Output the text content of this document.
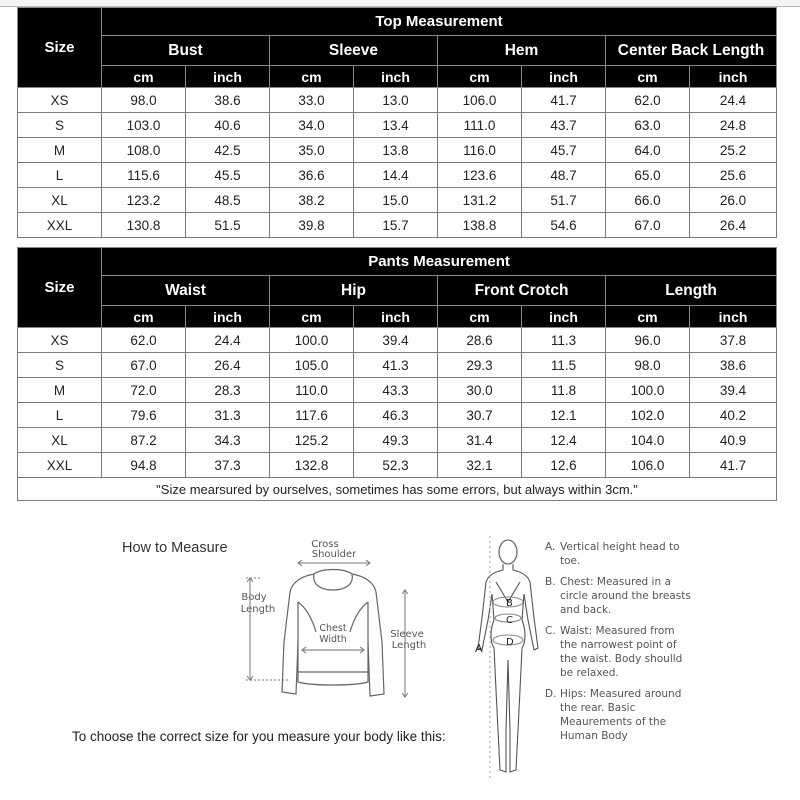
Size	Top Measurement							
	Bust		Sleeve		Hem		Center Back Length	
	cm	inch	cm	inch	cm	inch	cm	inch
XS	98.0	38.6	33.0	13.0	106.0	41.7	62.0	24.4
S	103.0	40.6	34.0	13.4	111.0	43.7	63.0	24.8
M	108.0	42.5	35.0	13.8	116.0	45.7	64.0	25.2
L	115.6	45.5	36.6	14.4	123.6	48.7	65.0	25.6
XL	123.2	48.5	38.2	15.0	131.2	51.7	66.0	26.0
XXL	130.8	51.5	39.8	15.7	138.8	54.6	67.0	26.4
Size	Pants Measurement							
	Waist		Hip		Front Crotch		Length	
	cm	inch	cm	inch	cm	inch	cm	inch
XS	62.0	24.4	100.0	39.4	28.6	11.3	96.0	37.8
S	67.0	26.4	105.0	41.3	29.3	11.5	98.0	38.6
M	72.0	28.3	110.0	43.3	30.0	11.8	100.0	39.4
L	79.6	31.3	117.6	46.3	30.7	12.1	102.0	40.2
XL	87.2	34.3	125.2	49.3	31.4	12.4	104.0	40.9
XXL	94.8	37.3	132.8	52.3	32.1	12.6	106.0	41.7
"Size mearsured by ourselves, sometimes has some errors, but always within 3cm."								
How to Measure
To choose the correct size for you measure your body like this:
Cross
Shoulder
Body
Length
Chest
Width	Sleeve
Length	A
B
C
D
A. Vertical height head to toe.
B. Chest: Measured in a circle around the breasts and back.
C. Waist: Measured from the narrowest point of the waist. Body shoulld be relaxed.
D. Hips: Measured around the rear. Basic Meaurements of the Human Body
